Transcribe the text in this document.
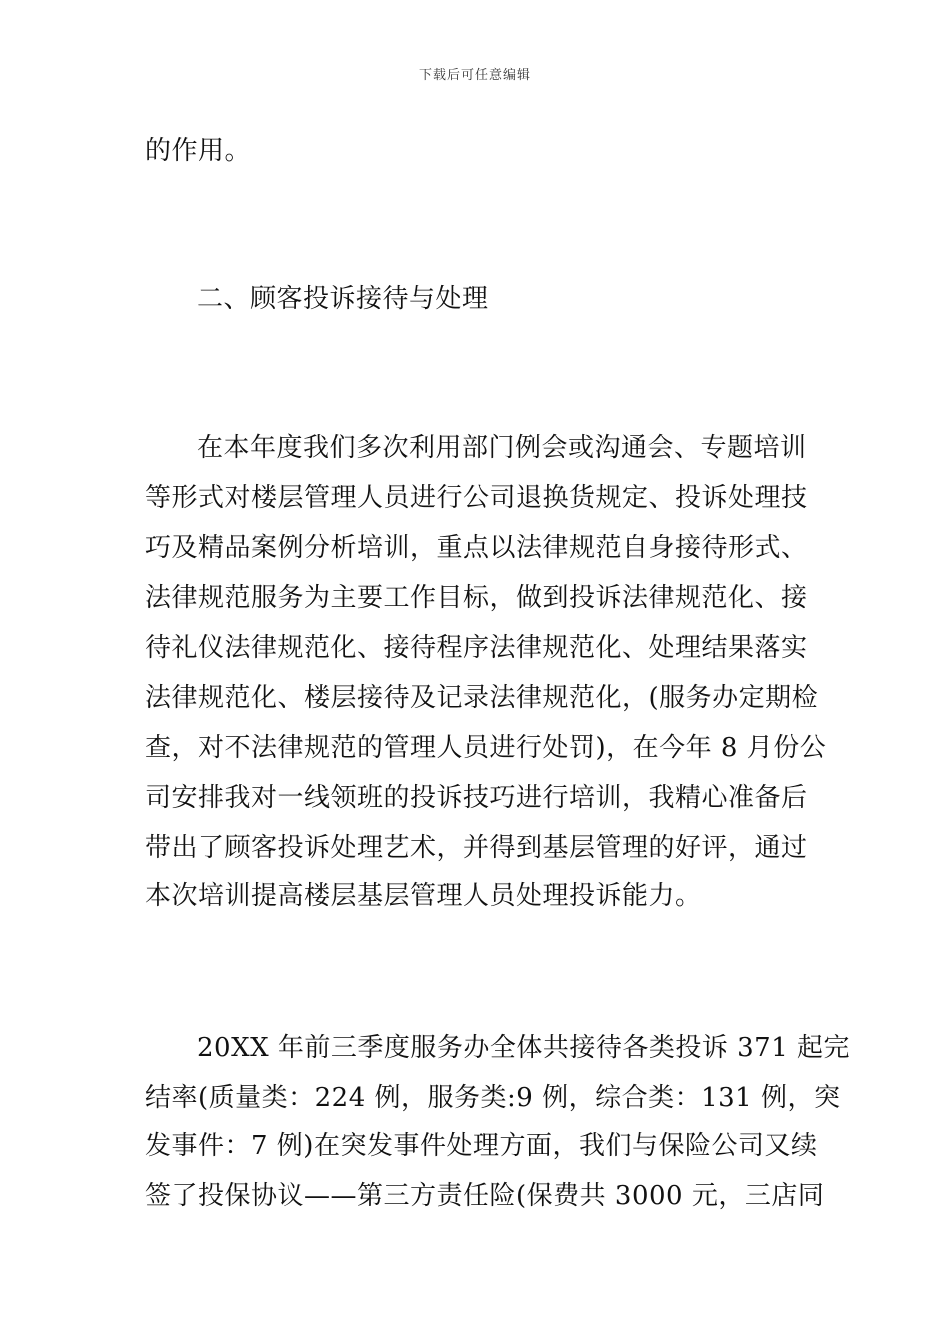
下载后可任意编辑
的作用。
二、顾客投诉接待与处理
在本年度我们多次利用部门例会或沟通会、专题培训
等形式对楼层管理人员进行公司退换货规定、投诉处理技
巧及精品案例分析培训，重点以法律规范自身接待形式、
法律规范服务为主要工作目标，做到投诉法律规范化、接
待礼仪法律规范化、接待程序法律规范化、处理结果落实
法律规范化、楼层接待及记录法律规范化，(服务办定期检
查，对不法律规范的管理人员进行处罚)，在今年 8 月份公
司安排我对一线领班的投诉技巧进行培训，我精心准备后
带出了顾客投诉处理艺术，并得到基层管理的好评，通过
本次培训提高楼层基层管理人员处理投诉能力。
20XX 年前三季度服务办全体共接待各类投诉 371 起完
结率(质量类：224 例，服务类:9 例，综合类：131 例，突
发事件：7 例)在突发事件处理方面，我们与保险公司又续
签了投保协议——第三方责任险(保费共 3000 元，三店同
